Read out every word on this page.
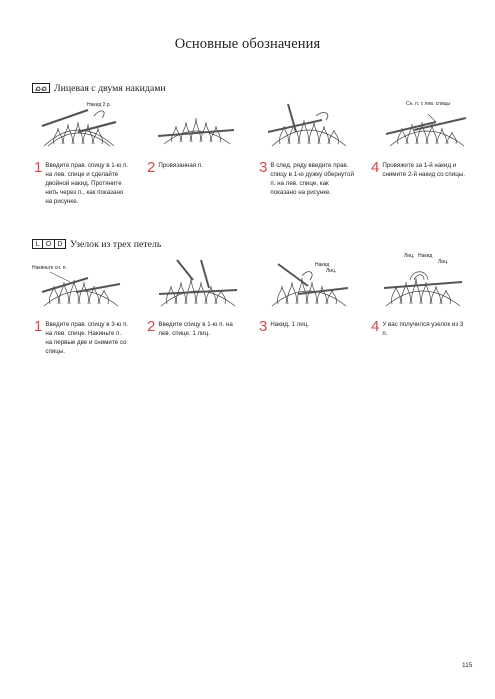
Основные обозначения
Лицевая с двумя накидами
Накид 2 р.	Сн. п. с лев. спицы
1 Введите прав. спицу в 1-ю п. на лев. спице и сделайте двойной накид. Протяните нить через п., как показано на рисунке.
2 Провязанная п.	3 В след. ряду введите прав. спицу в 1-ю дужку обернутой п. на лев. спице, как показано на рисунке.
4 Провяжите за 1-й накид и снимите 2-й накид со спицы.
L O D Узелок из трех петель
Накиньте сн. п.	Накид
Лиц.
Лиц.
Лиц.
Накид
1 Введите прав. спицу в 3-ю п. на лев. спице. Накиньте п. на первые две и снимите со спицы.
2 Введите спицу в 1-ю п. на лев. спице. 1 лиц.	3 Накид, 1 лиц.	4 У вас получился узелок из 3 п.
115
